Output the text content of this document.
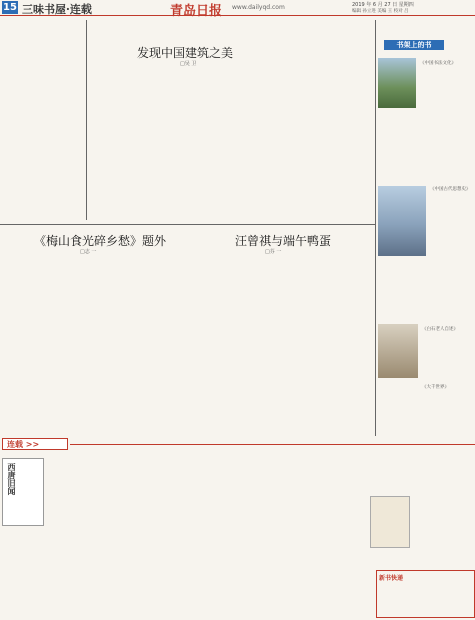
15 三味书屋·连载	青岛日报 www.dailyqd.com	2019 年 6 月 27 日 星期四
编辑 孙立进 美编 王 校对 吕
发现中国建筑之美
□吴 卫
《梅山食光碎乡愁》题外
□志 一
汪曾祺与端午鸭蛋
□芬 一
书架上的书
《中国书法文化》
《中国古代思想史》
《白石老人自述》
《大千世界》
连载 >>
西唐旧闻
新书快递
